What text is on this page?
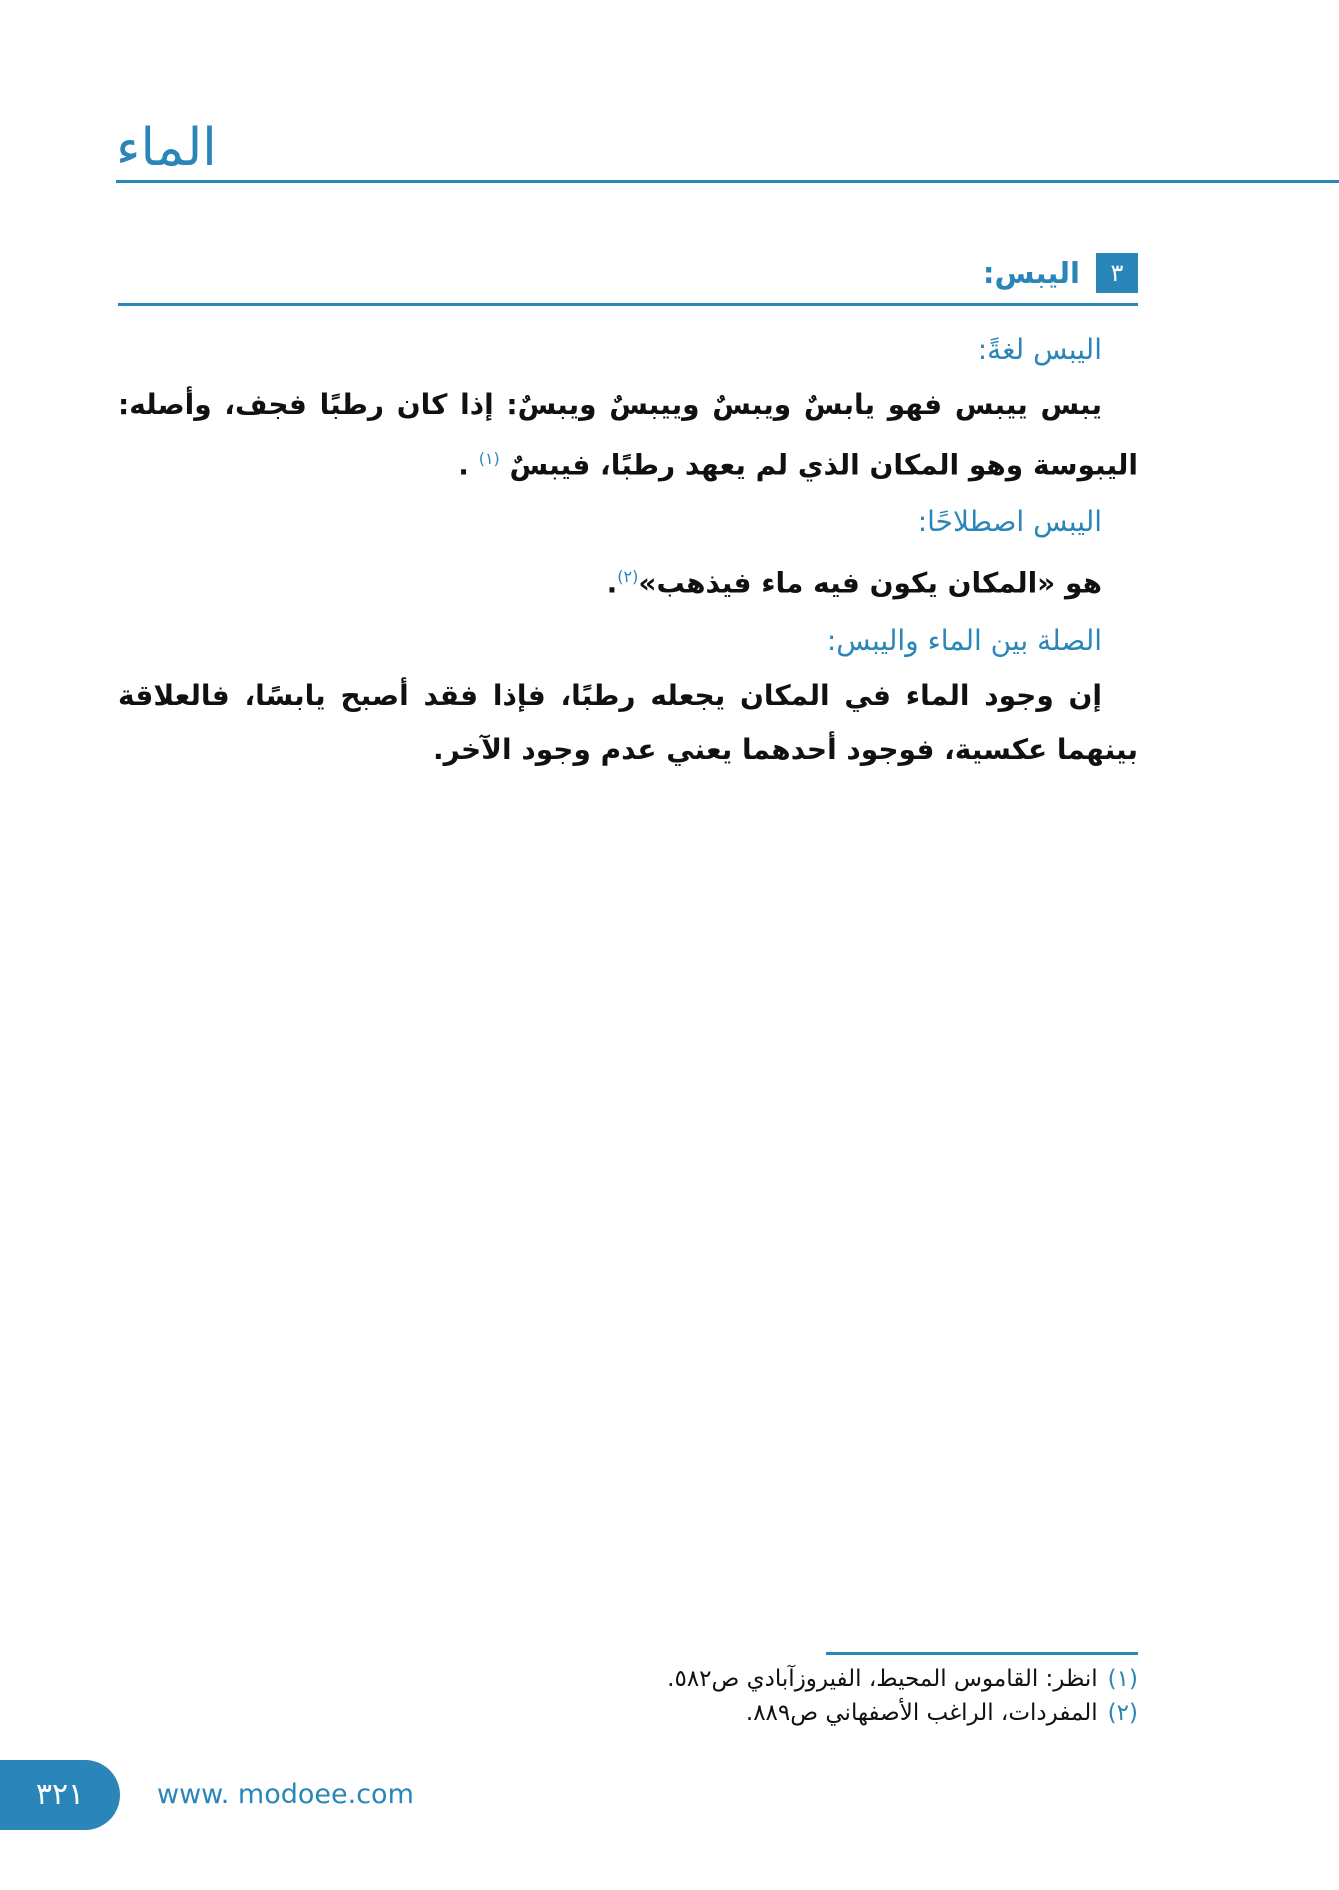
الماء
٣
اليبس:
اليبس لغةً:

يبس ييبس فهو يابسٌ ويبسٌ وييبسٌ ويبسٌ: إذا كان رطبًا فجف، وأصله: اليبوسة وهو المكان الذي لم يعهد رطبًا، فيبسٌ $^{(١)}$ .

اليبس اصطلاحًا:

هو «المكان يكون فيه ماء فيذهب»$^{(٢)}$.

الصلة بين الماء واليبس:

إن وجود الماء في المكان يجعله رطبًا، فإذا فقد أصبح يابسًا، فالعلاقة بينهما عكسية، فوجود أحدهما يعني عدم وجود الآخر.

(١)انظر: القاموس المحيط، الفيروزآبادي ص٥٨٢.
(٢)المفردات، الراغب الأصفهاني ص٨٨٩.
٣٢١	www. modoee.com
